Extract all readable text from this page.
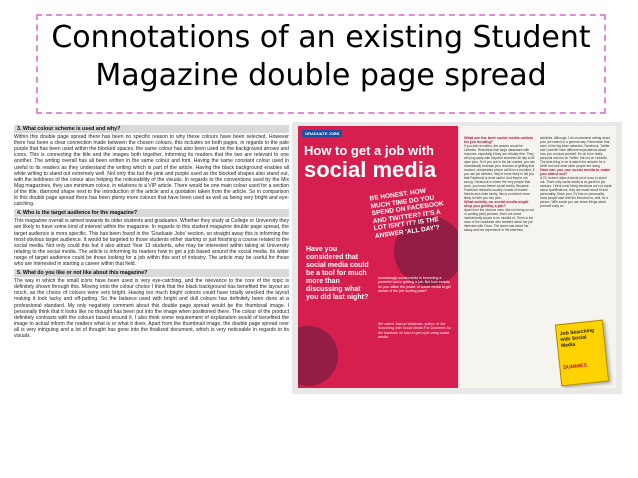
Connotations of an existing Student
Magazine double page spread
3. What colour scheme is used and why?

Within this double page spread there has been no specific reason to why these colours have been selected. However there has been a clear connection made between the chosen colours, this includes on both pages, in regards to the pale purple that has been used within the blocked spaces, the same colour has also been used on the background arrows and icons. This is connecting the title and the images both together, informing its readers that the two are relevant to one another. The writing overall has all been written in the same colour and font. Having the same constant colour used in useful to its readers as they understand the writing which is part of the article. Having the black background enables all white writing to stand out extremely well. Not only this but the pink and purple used as the blocked shapes also stand out, with the boldness of the colour also helping the noticeability of the visuals. In regards to the conventions used by the Mix Mag magazines, they use minimum colour, in relations to a VIP article. There would be one main colour used for a section of the title, diamond shape next to the introduction of the article and a quotation taken from the article. So in comparison to this double page spread there has been plenty more colours that have been used as well as being very bright and eye-catching.

4. Who is the target audience for the magazine?

This magazine overall is aimed towards its older students and graduates. Whether they study at College or University they are likely to have some kind of interest within the magazine. In regards to this student magazine double page spread, the target audience is more specific. This has been found in the 'Graduate Jobs' section, so straight away this is informing the most obvious target audience. It would be targeted to those students either starting or just finishing a course related to the social media. Not only could this but it also attract Year 13 students, who may be interested within taking at University relating to the social media. The article is informing its readers how to get a job based around the social media. Its wider range of target audience could be those looking for a job within this sort of industry. The article may be useful for those who are interested in starting a career within that field.

5. What do you like or not like about this magazine?

The way in which the small icons have been used is very eye-catching, and the relevance to the core of the topic is definitely shown through this. Moving onto the colour choice I think that the black background has benefited the layout so much, as the choice of colours were very bright. Having too much bright colours could have totally wrecked the layout making it look tacky and off-putting. So the balance used with bright and dull colours has definitely been done at a professional standard. My only negativity comment about this double page spread would be the thumbnail image. I personally think that it looks like no thought has been put into the image when positioned there. The colour of the product definitely contrasts with the colours based around it, I also think some requirement of explanation would of benefited the image to actual inform the readers what is or what it does. Apart from the thumbnail image, the double page spread over all is very intriguing and a lot of thought has gone into the finalized document, which is very noticeable in regards to its visuals.

GRADUATE JOBS
How to get a job with
social media
BE HONEST. HOW MUCH TIME DO YOU SPEND ON FACEBOOK AND TWITTER? IT'S A LOT ISN'T IT? IS THE ANSWER 'ALL DAY'?
Have you considered that social media could be a tool for much more than discussing what you did last night?
Increasingly social media is becoming a powerful tool in getting a job. But how exactly do you utilise the power of social media to get ahead of the job hunting pack?
We asked Joshua Waldman, author of Job Searching with Social Media For Dummies for the lowdown on how to get a job using social media.
What are the best social media outlets for job hunting?
If you ask recruiters, the answer would be LinkedIn. Recruiters love large databases with resumes, especially if they are virtually free. They will plug away with keyword searches all day to fill open jobs. So if you are in the job market, you can dramatically increase your chances of getting that random, unexpected phone call from a recruiter. If you ask job seekers, they're more likely to tell you that Facebook is most useful. And they're not wrong. Facebook is where the very people that work, you know before social media. Because Facebook networks usually consist of trusted friends and close family, this is a network more likely to refer you into jobs.
What activity on social media might stop you getting a job?
Apart from the obvious ones, like not being so out or posting party pictures, there are some inadvertently issues to be mindful of. There is the case of the candidate who tweeted about her job interview with Cisco. The tweet was about her salary and her experience in the interview.
activities. Although, I do recommend writing about your job search in a general way. Remember that each of the big three networks, Facebook, Twitter and LinkedIn have different expectations about how you conduct yourself. It's ok to be really personal and fun on Twitter, but not on LinkedIn. The best thing to do is watch the network for a while and see what other people are doing.
How can you use social media to make you stand out?
A CV doesn't allow a whole lot of room to stand out. That's why social media is so great for job seekers. I think most hiring decisions are not made about qualifications, they are made about fit and personality. Since your CV has no personality, most people wait until the interview to, well, be a person. With social you can share things about yourself early on.
Job Searching with Social Media
DUMMIES
